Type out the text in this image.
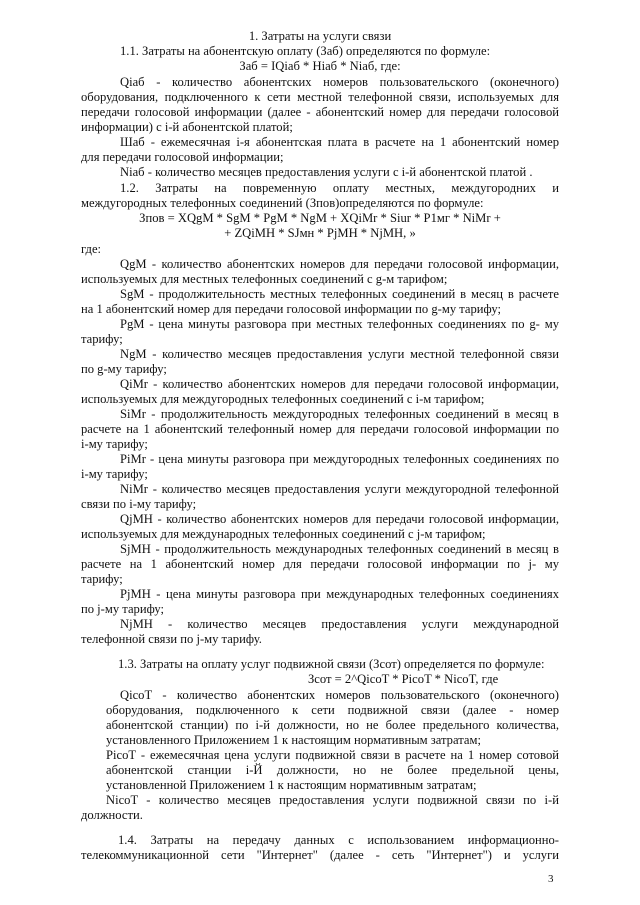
1. Затраты на услуги связи
1.1. Затраты на абонентскую оплату (Заб) определяются по формуле:
Заб = IQiаб * Hiаб * Niаб, где:
Qiаб - количество абонентских номеров пользовательского (оконечного)
оборудования, подключенного к сети местной телефонной связи, используемых для
передачи голосовой информации (далее - абонентский номер для передачи голосовой
информации) с i-й абонентской платой;
Шаб - ежемесячная i-я абонентская плата в расчете на 1 абонентский номер
для передачи голосовой информации;
Niаб - количество месяцев предоставления услуги с i-й абонентской платой .
1.2. Затраты на повременную оплату местных, междугородних и
междугородных телефонных соединений (Зпов)определяются по формуле:
Зпов = XQgM * SgM * PgM * NgM + XQiMr * Siur * P1мг * NiMr +
+ ZQiMH * SJмн * PjMH * NjMH, »
где:
QgM - количество абонентских номеров для передачи голосовой информации,
используемых для местных телефонных соединений с g-м тарифом;
SgM - продолжительность местных телефонных соединений в месяц в расчете
на 1 абонентский номер для передачи голосовой информации по g-му тарифу;
PgM - цена минуты разговора при местных телефонных соединениях по g- му
тарифу;
NgM - количество месяцев предоставления услуги местной телефонной связи
по g-му тарифу;
QiMr - количество абонентских номеров для передачи голосовой информации,
используемых для междугородных телефонных соединений с i-м тарифом;
SiMr - продолжительность междугородных телефонных соединений в месяц в
расчете на 1 абонентский телефонный номер для передачи голосовой информации по
i-му тарифу;
PiMr - цена минуты разговора при междугородных телефонных соединениях по
i-му тарифу;
NiMr - количество месяцев предоставления услуги междугородной телефонной
связи по i-му тарифу;
QjMH - количество абонентских номеров для передачи голосовой информации,
используемых для международных телефонных соединений с j-м тарифом;
SjMH - продолжительность международных телефонных соединений в месяц в
расчете на 1 абонентский номер для передачи голосовой информации по j- му
тарифу;
PjMH - цена минуты разговора при международных телефонных соединениях
по j-му тарифу;
NjMH - количество месяцев предоставления услуги международной
телефонной связи по j-му тарифу.
1.3. Затраты на оплату услуг подвижной связи (Зсот) определяется по формуле:
Зсот = 2^QicoT * PicoT * NicoT, где
QicoT - количество абонентских номеров пользовательского (оконечного)
оборудования, подключенного к сети подвижной связи (далее - номер
абонентской станции) по i-й должности, но не более предельного количества,
установленного Приложением 1 к настоящим нормативным затратам;
PicoT - ежемесячная цена услуги подвижной связи в расчете на 1 номер сотовой
абонентской станции i-Й должности, но не более предельной цены,
установленной Приложением 1 к настоящим нормативным затратам;
NicoT - количество месяцев предоставления услуги подвижной связи по i-й
должности.
1.4. Затраты на передачу данных с использованием информационно-
телекоммуникационной сети "Интернет" (далее - сеть "Интернет") и услуги
3
